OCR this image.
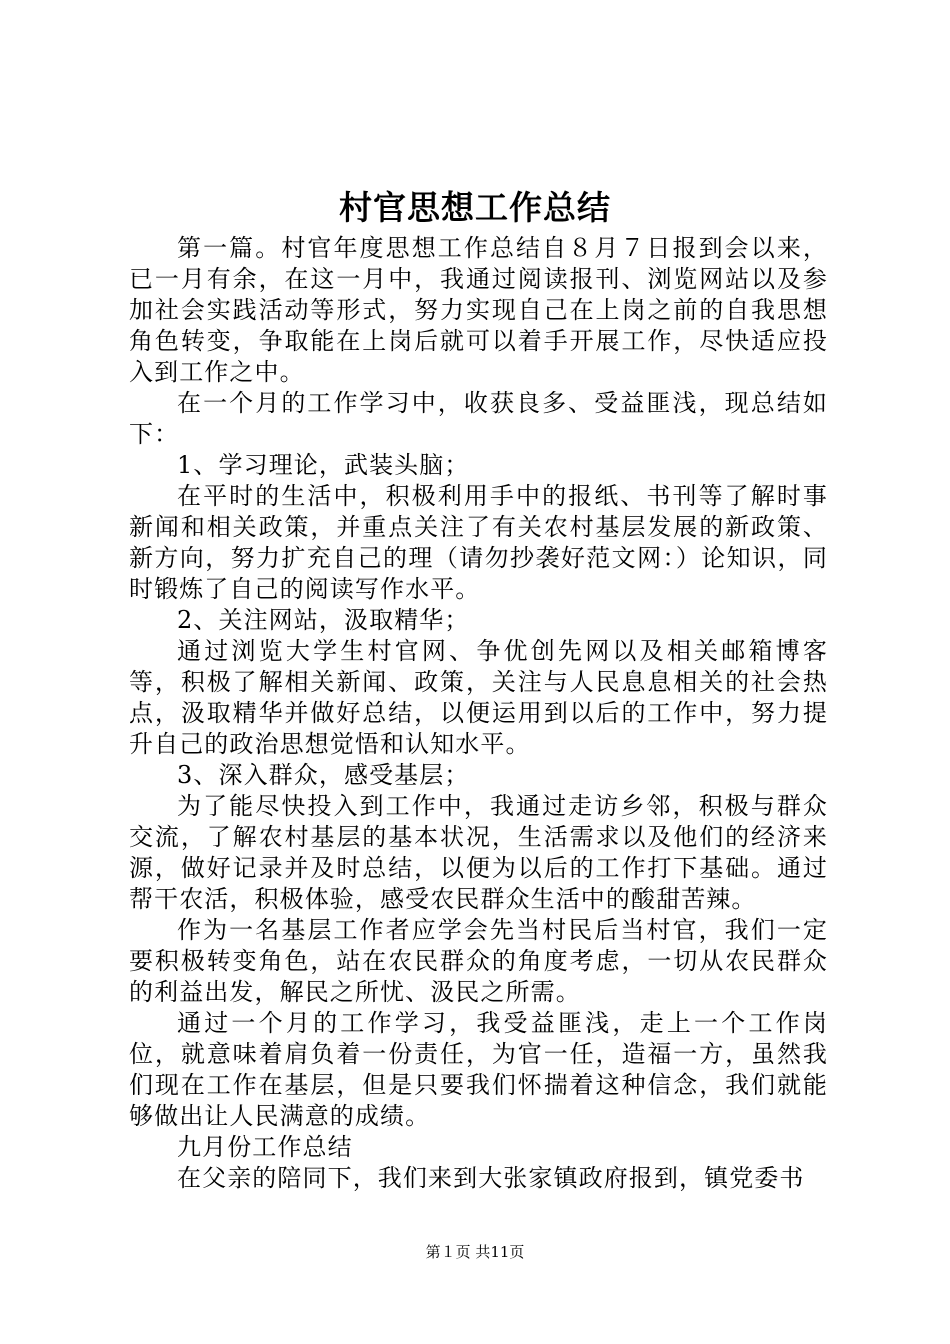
村官思想工作总结

第一篇。村官年度思想工作总结自８月７日报到会以来，已一月有余，在这一月中，我通过阅读报刊、浏览网站以及参加社会实践活动等形式，努力实现自己在上岗之前的自我思想角色转变，争取能在上岗后就可以着手开展工作，尽快适应投入到工作之中。

在一个月的工作学习中，收获良多、受益匪浅，现总结如下：

1、学习理论，武装头脑；

在平时的生活中，积极利用手中的报纸、书刊等了解时事新闻和相关政策，并重点关注了有关农村基层发展的新政策、新方向，努力扩充自己的理（请勿抄袭好范文网：）论知识，同时锻炼了自己的阅读写作水平。

2、关注网站，汲取精华；

通过浏览大学生村官网、争优创先网以及相关邮箱博客等，积极了解相关新闻、政策，关注与人民息息相关的社会热点，汲取精华并做好总结，以便运用到以后的工作中，努力提升自己的政治思想觉悟和认知水平。

3、深入群众，感受基层；

为了能尽快投入到工作中，我通过走访乡邻，积极与群众交流，了解农村基层的基本状况，生活需求以及他们的经济来源，做好记录并及时总结，以便为以后的工作打下基础。通过帮干农活，积极体验，感受农民群众生活中的酸甜苦辣。

作为一名基层工作者应学会先当村民后当村官，我们一定要积极转变角色，站在农民群众的角度考虑，一切从农民群众的利益出发，解民之所忧、汲民之所需。

通过一个月的工作学习，我受益匪浅，走上一个工作岗位，就意味着肩负着一份责任，为官一任，造福一方，虽然我们现在工作在基层，但是只要我们怀揣着这种信念，我们就能够做出让人民满意的成绩。

九月份工作总结

在父亲的陪同下，我们来到大张家镇政府报到，镇党委书

第１页 共11页
